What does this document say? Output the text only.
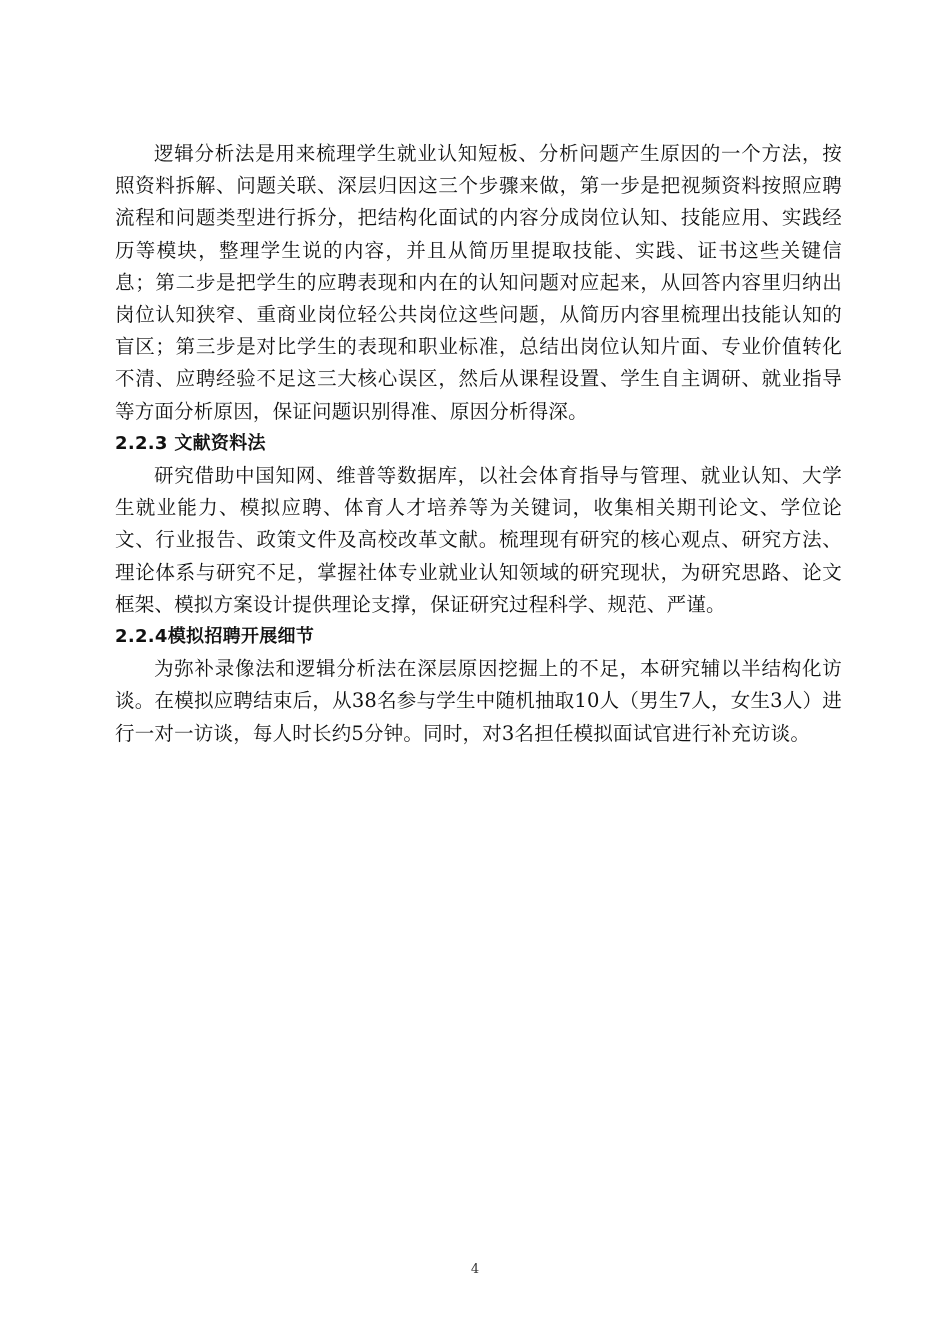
逻辑分析法是用来梳理学生就业认知短板、分析问题产生原因的一个方法，按照资料拆解、问题关联、深层归因这三个步骤来做，第一步是把视频资料按照应聘流程和问题类型进行拆分，把结构化面试的内容分成岗位认知、技能应用、实践经历等模块，整理学生说的内容，并且从简历里提取技能、实践、证书这些关键信息；第二步是把学生的应聘表现和内在的认知问题对应起来，从回答内容里归纳出岗位认知狭窄、重商业岗位轻公共岗位这些问题，从简历内容里梳理出技能认知的盲区；第三步是对比学生的表现和职业标准，总结出岗位认知片面、专业价值转化不清、应聘经验不足这三大核心误区，然后从课程设置、学生自主调研、就业指导等方面分析原因，保证问题识别得准、原因分析得深。

2.2.3 文献资料法

研究借助中国知网、维普等数据库，以社会体育指导与管理、就业认知、大学生就业能力、模拟应聘、体育人才培养等为关键词，收集相关期刊论文、学位论文、行业报告、政策文件及高校改革文献。梳理现有研究的核心观点、研究方法、理论体系与研究不足，掌握社体专业就业认知领域的研究现状，为研究思路、论文框架、模拟方案设计提供理论支撑，保证研究过程科学、规范、严谨。

2.2.4模拟招聘开展细节

为弥补录像法和逻辑分析法在深层原因挖掘上的不足，本研究辅以半结构化访谈。在模拟应聘结束后，从38名参与学生中随机抽取10人（男生7人，女生3人）进行一对一访谈，每人时长约5分钟。同时，对3名担任模拟面试官进行补充访谈。

4
